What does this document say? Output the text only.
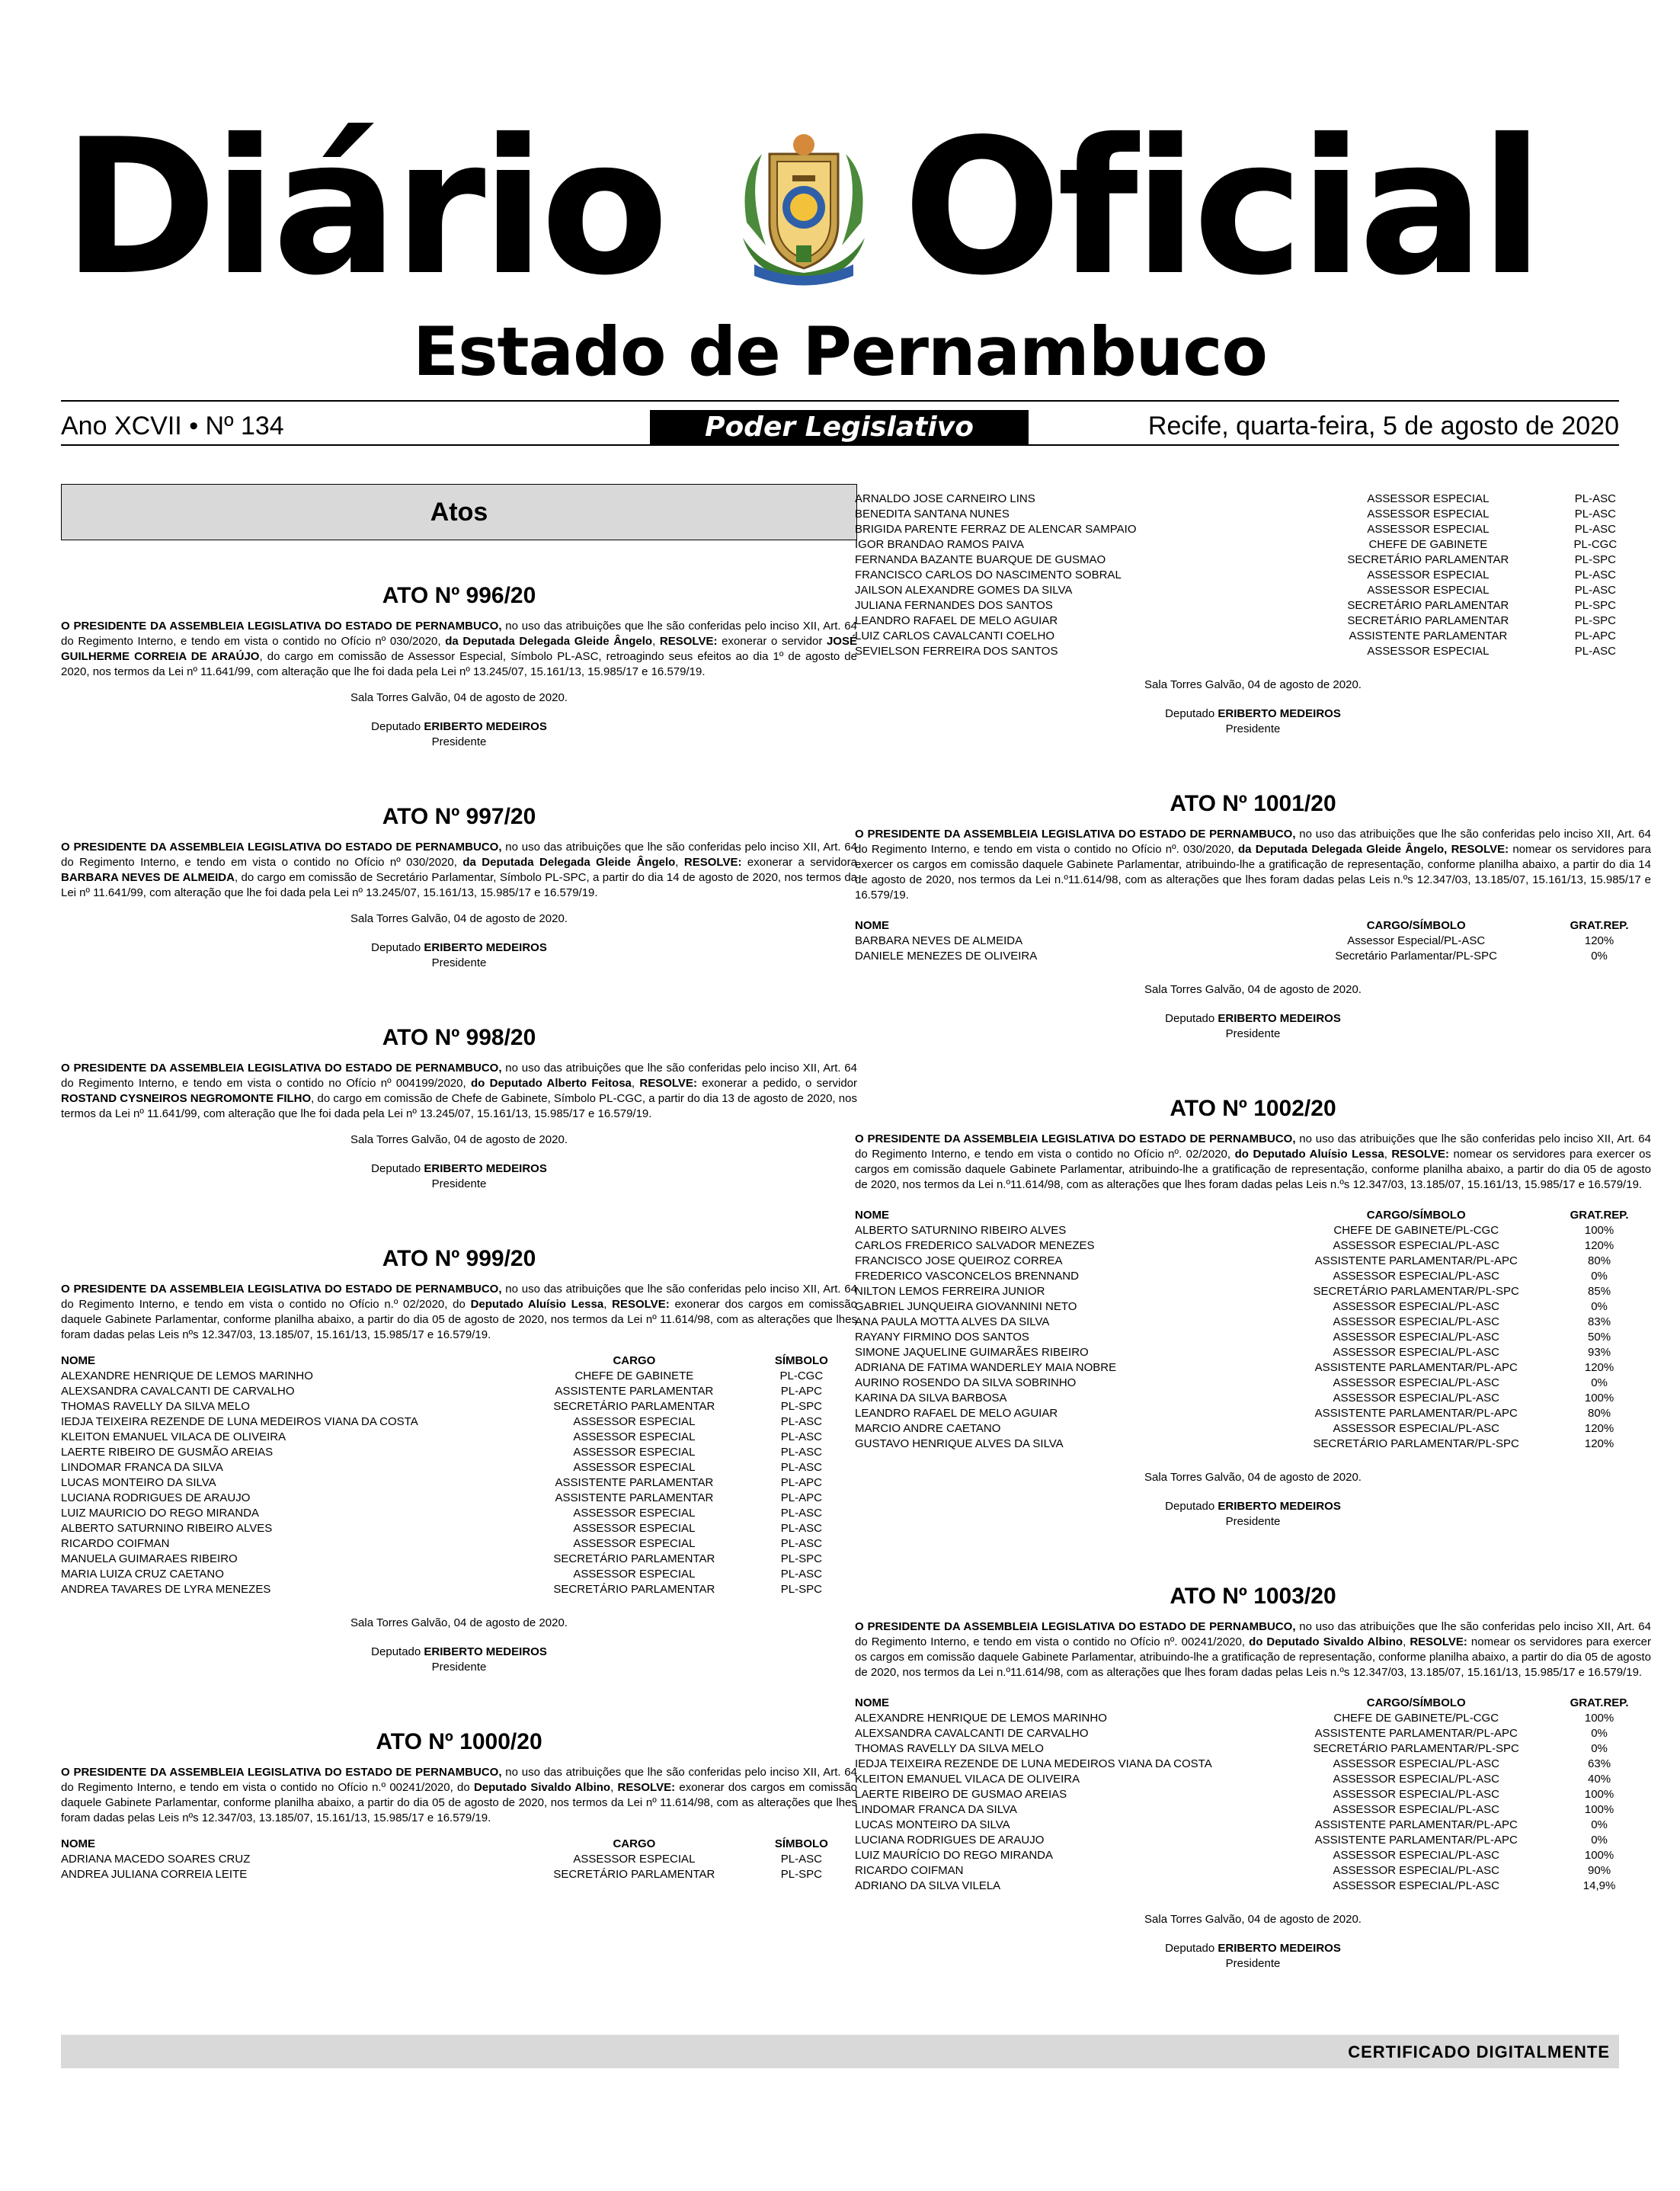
Diário Oficial
Estado de Pernambuco
Ano XCVII • Nº 134	Poder Legislativo	Recife, quarta-feira, 5 de agosto de 2020
Atos
ATO Nº 996/20

O PRESIDENTE DA ASSEMBLEIA LEGISLATIVA DO ESTADO DE PERNAMBUCO, no uso das atribuições que lhe são conferidas pelo inciso XII, Art. 64 do Regimento Interno, e tendo em vista o contido no Ofício nº 030/2020, da Deputada Delegada Gleide Ângelo, RESOLVE: exonerar o servidor JOSÉ GUILHERME CORREIA DE ARAÚJO, do cargo em comissão de Assessor Especial, Símbolo PL-ASC, retroagindo seus efeitos ao dia 1º de agosto de 2020, nos termos da Lei nº 11.641/99, com alteração que lhe foi dada pela Lei nº 13.245/07, 15.161/13, 15.985/17 e 16.579/19.

Sala Torres Galvão, 04 de agosto de 2020.
Deputado ERIBERTO MEDEIROS
Presidente
ATO Nº 997/20

O PRESIDENTE DA ASSEMBLEIA LEGISLATIVA DO ESTADO DE PERNAMBUCO, no uso das atribuições que lhe são conferidas pelo inciso XII, Art. 64 do Regimento Interno, e tendo em vista o contido no Ofício nº 030/2020, da Deputada Delegada Gleide Ângelo, RESOLVE: exonerar a servidora BARBARA NEVES DE ALMEIDA, do cargo em comissão de Secretário Parlamentar, Símbolo PL-SPC, a partir do dia 14 de agosto de 2020, nos termos da Lei nº 11.641/99, com alteração que lhe foi dada pela Lei nº 13.245/07, 15.161/13, 15.985/17 e 16.579/19.

Sala Torres Galvão, 04 de agosto de 2020.
Deputado ERIBERTO MEDEIROS
Presidente
ATO Nº 998/20

O PRESIDENTE DA ASSEMBLEIA LEGISLATIVA DO ESTADO DE PERNAMBUCO, no uso das atribuições que lhe são conferidas pelo inciso XII, Art. 64 do Regimento Interno, e tendo em vista o contido no Ofício nº 004199/2020, do Deputado Alberto Feitosa, RESOLVE: exonerar a pedido, o servidor ROSTAND CYSNEIROS NEGROMONTE FILHO, do cargo em comissão de Chefe de Gabinete, Símbolo PL-CGC, a partir do dia 13 de agosto de 2020, nos termos da Lei nº 11.641/99, com alteração que lhe foi dada pela Lei nº 13.245/07, 15.161/13, 15.985/17 e 16.579/19.

Sala Torres Galvão, 04 de agosto de 2020.
Deputado ERIBERTO MEDEIROS
Presidente
ATO Nº 999/20

O PRESIDENTE DA ASSEMBLEIA LEGISLATIVA DO ESTADO DE PERNAMBUCO, no uso das atribuições que lhe são conferidas pelo inciso XII, Art. 64 do Regimento Interno, e tendo em vista o contido no Ofício n.º 02/2020, do Deputado Aluísio Lessa, RESOLVE: exonerar dos cargos em comissão daquele Gabinete Parlamentar, conforme planilha abaixo, a partir do dia 05 de agosto de 2020, nos termos da Lei nº 11.614/98, com as alterações que lhes foram dadas pelas Leis nºs 12.347/03, 13.185/07, 15.161/13, 15.985/17 e 16.579/19.

NOME	CARGO	SÍMBOLO
ALEXANDRE HENRIQUE DE LEMOS MARINHO	CHEFE DE GABINETE	PL-CGC
ALEXSANDRA CAVALCANTI DE CARVALHO	ASSISTENTE PARLAMENTAR	PL-APC
THOMAS RAVELLY DA SILVA MELO	SECRETÁRIO PARLAMENTAR	PL-SPC
IEDJA TEIXEIRA REZENDE DE LUNA MEDEIROS VIANA DA COSTA	ASSESSOR ESPECIAL	PL-ASC
KLEITON EMANUEL VILACA DE OLIVEIRA	ASSESSOR ESPECIAL	PL-ASC
LAERTE RIBEIRO DE GUSMÃO AREIAS	ASSESSOR ESPECIAL	PL-ASC
LINDOMAR FRANCA DA SILVA	ASSESSOR ESPECIAL	PL-ASC
LUCAS MONTEIRO DA SILVA	ASSISTENTE PARLAMENTAR	PL-APC
LUCIANA RODRIGUES DE ARAUJO	ASSISTENTE PARLAMENTAR	PL-APC
LUIZ MAURICIO DO REGO MIRANDA	ASSESSOR ESPECIAL	PL-ASC
ALBERTO SATURNINO RIBEIRO ALVES	ASSESSOR ESPECIAL	PL-ASC
RICARDO COIFMAN	ASSESSOR ESPECIAL	PL-ASC
MANUELA GUIMARAES RIBEIRO	SECRETÁRIO PARLAMENTAR	PL-SPC
MARIA LUIZA CRUZ CAETANO	ASSESSOR ESPECIAL	PL-ASC
ANDREA TAVARES DE LYRA MENEZES	SECRETÁRIO PARLAMENTAR	PL-SPC
Sala Torres Galvão, 04 de agosto de 2020.
Deputado ERIBERTO MEDEIROS
Presidente
ATO Nº 1000/20

O PRESIDENTE DA ASSEMBLEIA LEGISLATIVA DO ESTADO DE PERNAMBUCO, no uso das atribuições que lhe são conferidas pelo inciso XII, Art. 64 do Regimento Interno, e tendo em vista o contido no Ofício n.º 00241/2020, do Deputado Sivaldo Albino, RESOLVE: exonerar dos cargos em comissão daquele Gabinete Parlamentar, conforme planilha abaixo, a partir do dia 05 de agosto de 2020, nos termos da Lei nº 11.614/98, com as alterações que lhes foram dadas pelas Leis nºs 12.347/03, 13.185/07, 15.161/13, 15.985/17 e 16.579/19.

NOME	CARGO	SÍMBOLO
ADRIANA MACEDO SOARES CRUZ	ASSESSOR ESPECIAL	PL-ASC
ANDREA JULIANA CORREIA LEITE	SECRETÁRIO PARLAMENTAR	PL-SPC
ARNALDO JOSE CARNEIRO LINS	ASSESSOR ESPECIAL	PL-ASC
BENEDITA SANTANA NUNES	ASSESSOR ESPECIAL	PL-ASC
BRIGIDA PARENTE FERRAZ DE ALENCAR SAMPAIO	ASSESSOR ESPECIAL	PL-ASC
IGOR BRANDAO RAMOS PAIVA	CHEFE DE GABINETE	PL-CGC
FERNANDA BAZANTE BUARQUE DE GUSMAO	SECRETÁRIO PARLAMENTAR	PL-SPC
FRANCISCO CARLOS DO NASCIMENTO SOBRAL	ASSESSOR ESPECIAL	PL-ASC
JAILSON ALEXANDRE GOMES DA SILVA	ASSESSOR ESPECIAL	PL-ASC
JULIANA FERNANDES DOS SANTOS	SECRETÁRIO PARLAMENTAR	PL-SPC
LEANDRO RAFAEL DE MELO AGUIAR	SECRETÁRIO PARLAMENTAR	PL-SPC
LUIZ CARLOS CAVALCANTI COELHO	ASSISTENTE PARLAMENTAR	PL-APC
SEVIELSON FERREIRA DOS SANTOS	ASSESSOR ESPECIAL	PL-ASC
Sala Torres Galvão, 04 de agosto de 2020.
Deputado ERIBERTO MEDEIROS
Presidente
ATO Nº 1001/20

O PRESIDENTE DA ASSEMBLEIA LEGISLATIVA DO ESTADO DE PERNAMBUCO, no uso das atribuições que lhe são conferidas pelo inciso XII, Art. 64 do Regimento Interno, e tendo em vista o contido no Ofício nº. 030/2020, da Deputada Delegada Gleide Ângelo, RESOLVE: nomear os servidores para exercer os cargos em comissão daquele Gabinete Parlamentar, atribuindo-lhe a gratificação de representação, conforme planilha abaixo, a partir do dia 14 de agosto de 2020, nos termos da Lei n.º11.614/98, com as alterações que lhes foram dadas pelas Leis n.ºs 12.347/03, 13.185/07, 15.161/13, 15.985/17 e 16.579/19.

NOME	CARGO/SÍMBOLO	GRAT.REP.
BARBARA NEVES DE ALMEIDA	Assessor Especial/PL-ASC	120%
DANIELE MENEZES DE OLIVEIRA	Secretário Parlamentar/PL-SPC	0%
Sala Torres Galvão, 04 de agosto de 2020.
Deputado ERIBERTO MEDEIROS
Presidente
ATO Nº 1002/20

O PRESIDENTE DA ASSEMBLEIA LEGISLATIVA DO ESTADO DE PERNAMBUCO, no uso das atribuições que lhe são conferidas pelo inciso XII, Art. 64 do Regimento Interno, e tendo em vista o contido no Ofício nº. 02/2020, do Deputado Aluísio Lessa, RESOLVE: nomear os servidores para exercer os cargos em comissão daquele Gabinete Parlamentar, atribuindo-lhe a gratificação de representação, conforme planilha abaixo, a partir do dia 05 de agosto de 2020, nos termos da Lei n.º11.614/98, com as alterações que lhes foram dadas pelas Leis n.ºs 12.347/03, 13.185/07, 15.161/13, 15.985/17 e 16.579/19.

NOME	CARGO/SÍMBOLO	GRAT.REP.
ALBERTO SATURNINO RIBEIRO ALVES	CHEFE DE GABINETE/PL-CGC	100%
CARLOS FREDERICO SALVADOR MENEZES	ASSESSOR ESPECIAL/PL-ASC	120%
FRANCISCO JOSE QUEIROZ CORREA	ASSISTENTE PARLAMENTAR/PL-APC	80%
FREDERICO VASCONCELOS BRENNAND	ASSESSOR ESPECIAL/PL-ASC	0%
NILTON LEMOS FERREIRA JUNIOR	SECRETÁRIO PARLAMENTAR/PL-SPC	85%
GABRIEL JUNQUEIRA GIOVANNINI NETO	ASSESSOR ESPECIAL/PL-ASC	0%
ANA PAULA MOTTA ALVES DA SILVA	ASSESSOR ESPECIAL/PL-ASC	83%
RAYANY FIRMINO DOS SANTOS	ASSESSOR ESPECIAL/PL-ASC	50%
SIMONE JAQUELINE GUIMARÃES RIBEIRO	ASSESSOR ESPECIAL/PL-ASC	93%
ADRIANA DE FATIMA WANDERLEY MAIA NOBRE	ASSISTENTE PARLAMENTAR/PL-APC	120%
AURINO ROSENDO DA SILVA SOBRINHO	ASSESSOR ESPECIAL/PL-ASC	0%
KARINA DA SILVA BARBOSA	ASSESSOR ESPECIAL/PL-ASC	100%
LEANDRO RAFAEL DE MELO AGUIAR	ASSISTENTE PARLAMENTAR/PL-APC	80%
MARCIO ANDRE CAETANO	ASSESSOR ESPECIAL/PL-ASC	120%
GUSTAVO HENRIQUE ALVES DA SILVA	SECRETÁRIO PARLAMENTAR/PL-SPC	120%
Sala Torres Galvão, 04 de agosto de 2020.
Deputado ERIBERTO MEDEIROS
Presidente
ATO Nº 1003/20

O PRESIDENTE DA ASSEMBLEIA LEGISLATIVA DO ESTADO DE PERNAMBUCO, no uso das atribuições que lhe são conferidas pelo inciso XII, Art. 64 do Regimento Interno, e tendo em vista o contido no Ofício nº. 00241/2020, do Deputado Sivaldo Albino, RESOLVE: nomear os servidores para exercer os cargos em comissão daquele Gabinete Parlamentar, atribuindo-lhe a gratificação de representação, conforme planilha abaixo, a partir do dia 05 de agosto de 2020, nos termos da Lei n.º11.614/98, com as alterações que lhes foram dadas pelas Leis n.ºs 12.347/03, 13.185/07, 15.161/13, 15.985/17 e 16.579/19.

NOME	CARGO/SÍMBOLO	GRAT.REP.
ALEXANDRE HENRIQUE DE LEMOS MARINHO	CHEFE DE GABINETE/PL-CGC	100%
ALEXSANDRA CAVALCANTI DE CARVALHO	ASSISTENTE PARLAMENTAR/PL-APC	0%
THOMAS RAVELLY DA SILVA MELO	SECRETÁRIO PARLAMENTAR/PL-SPC	0%
IEDJA TEIXEIRA REZENDE DE LUNA MEDEIROS VIANA DA COSTA	ASSESSOR ESPECIAL/PL-ASC	63%
KLEITON EMANUEL VILACA DE OLIVEIRA	ASSESSOR ESPECIAL/PL-ASC	40%
LAERTE RIBEIRO DE GUSMAO AREIAS	ASSESSOR ESPECIAL/PL-ASC	100%
LINDOMAR FRANCA DA SILVA	ASSESSOR ESPECIAL/PL-ASC	100%
LUCAS MONTEIRO DA SILVA	ASSISTENTE PARLAMENTAR/PL-APC	0%
LUCIANA RODRIGUES DE ARAUJO	ASSISTENTE PARLAMENTAR/PL-APC	0%
LUIZ MAURÍCIO DO REGO MIRANDA	ASSESSOR ESPECIAL/PL-ASC	100%
RICARDO COIFMAN	ASSESSOR ESPECIAL/PL-ASC	90%
ADRIANO DA SILVA VILELA	ASSESSOR ESPECIAL/PL-ASC	14,9%
Sala Torres Galvão, 04 de agosto de 2020.
Deputado ERIBERTO MEDEIROS
Presidente
CERTIFICADO DIGITALMENTE
